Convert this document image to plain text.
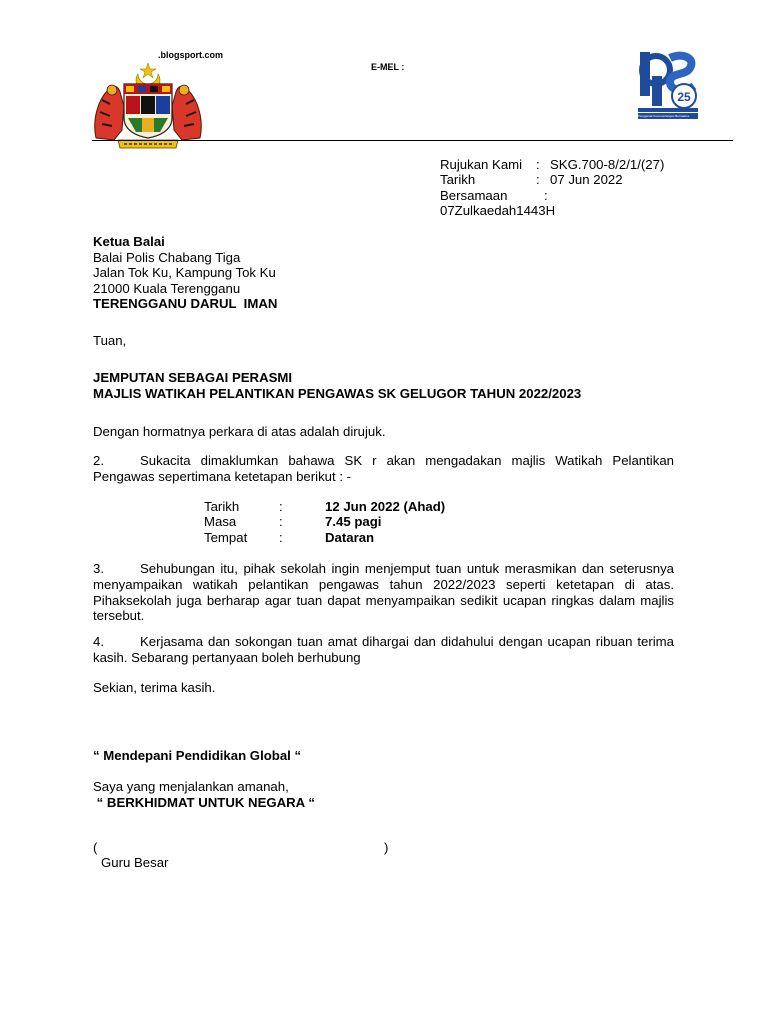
.blogsport.com
E-MEL :
25
Penggerak Kecemerlangan Bermakna
Rujukan Kami : SKG.700-8/2/1/(27)
Tarikh	: 07 Jun 2022
Bersamaan	:
07Zulkaedah1443H
Ketua Balai
Balai Polis Chabang Tiga
Jalan Tok Ku, Kampung Tok Ku
21000 Kuala Terengganu
TERENGGANU DARUL  IMAN
Tuan,
JEMPUTAN SEBAGAI PERASMI
MAJLIS WATIKAH PELANTIKAN PENGAWAS SK GELUGOR TAHUN 2022/2023
Dengan hormatnya perkara di atas adalah dirujuk.
2.	Sukacita dimaklumkan bahawa SK r akan mengadakan majlis Watikah Pelantikan Pengawas sepertimana ketetapan berikut : -
Tarikh	:	12 Jun 2022 (Ahad)
Masa	:	7.45 pagi
Tempat :	Dataran
3.	Sehubungan itu, pihak sekolah ingin menjemput tuan untuk merasmikan dan seterusnya menyampaikan watikah pelantikan pengawas tahun 2022/2023 seperti ketetapan di atas. Pihaksekolah juga berharap agar tuan dapat menyampaikan sedikit ucapan ringkas dalam majlis tersebut.
4.	Kerjasama dan sokongan tuan amat dihargai dan didahului dengan ucapan ribuan terima kasih. Sebarang pertanyaan boleh berhubung
Sekian, terima kasih.

“ Mendepani Pendidikan Global “

“ BERKHIDMAT UNTUK NEGARA “

Saya yang menjalankan amanah,
(	)
Guru Besar
